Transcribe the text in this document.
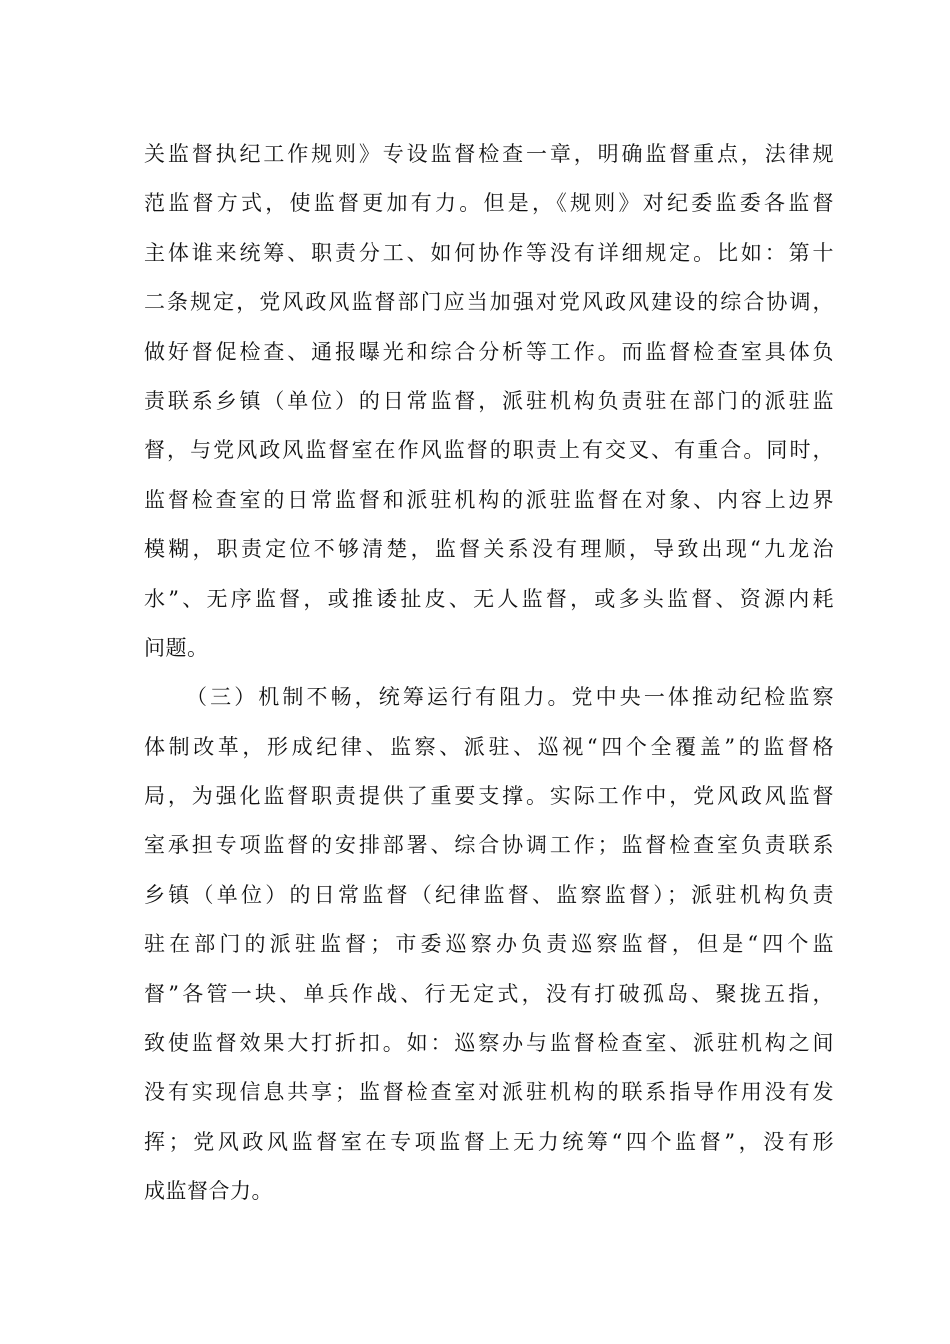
关监督执纪工作规则》专设监督检查一章，明确监督重点，法律规
范监督方式，使监督更加有力。但是，《规则》对纪委监委各监督
主体谁来统筹、职责分工、如何协作等没有详细规定。比如：第十
二条规定，党风政风监督部门应当加强对党风政风建设的综合协调，
做好督促检查、通报曝光和综合分析等工作。而监督检查室具体负
责联系乡镇（单位）的日常监督，派驻机构负责驻在部门的派驻监
督，与党风政风监督室在作风监督的职责上有交叉、有重合。同时，
监督检查室的日常监督和派驻机构的派驻监督在对象、内容上边界
模糊，职责定位不够清楚，监督关系没有理顺，导致出现“九龙治
水”、无序监督，或推诿扯皮、无人监督，或多头监督、资源内耗
问题。
（三）机制不畅，统筹运行有阻力。党中央一体推动纪检监察
体制改革，形成纪律、监察、派驻、巡视“四个全覆盖”的监督格
局，为强化监督职责提供了重要支撑。实际工作中，党风政风监督
室承担专项监督的安排部署、综合协调工作；监督检查室负责联系
乡镇（单位）的日常监督（纪律监督、监察监督）；派驻机构负责
驻在部门的派驻监督；市委巡察办负责巡察监督，但是“四个监
督”各管一块、单兵作战、行无定式，没有打破孤岛、聚拢五指，
致使监督效果大打折扣。如：巡察办与监督检查室、派驻机构之间
没有实现信息共享；监督检查室对派驻机构的联系指导作用没有发
挥；党风政风监督室在专项监督上无力统筹“四个监督”，没有形
成监督合力。
